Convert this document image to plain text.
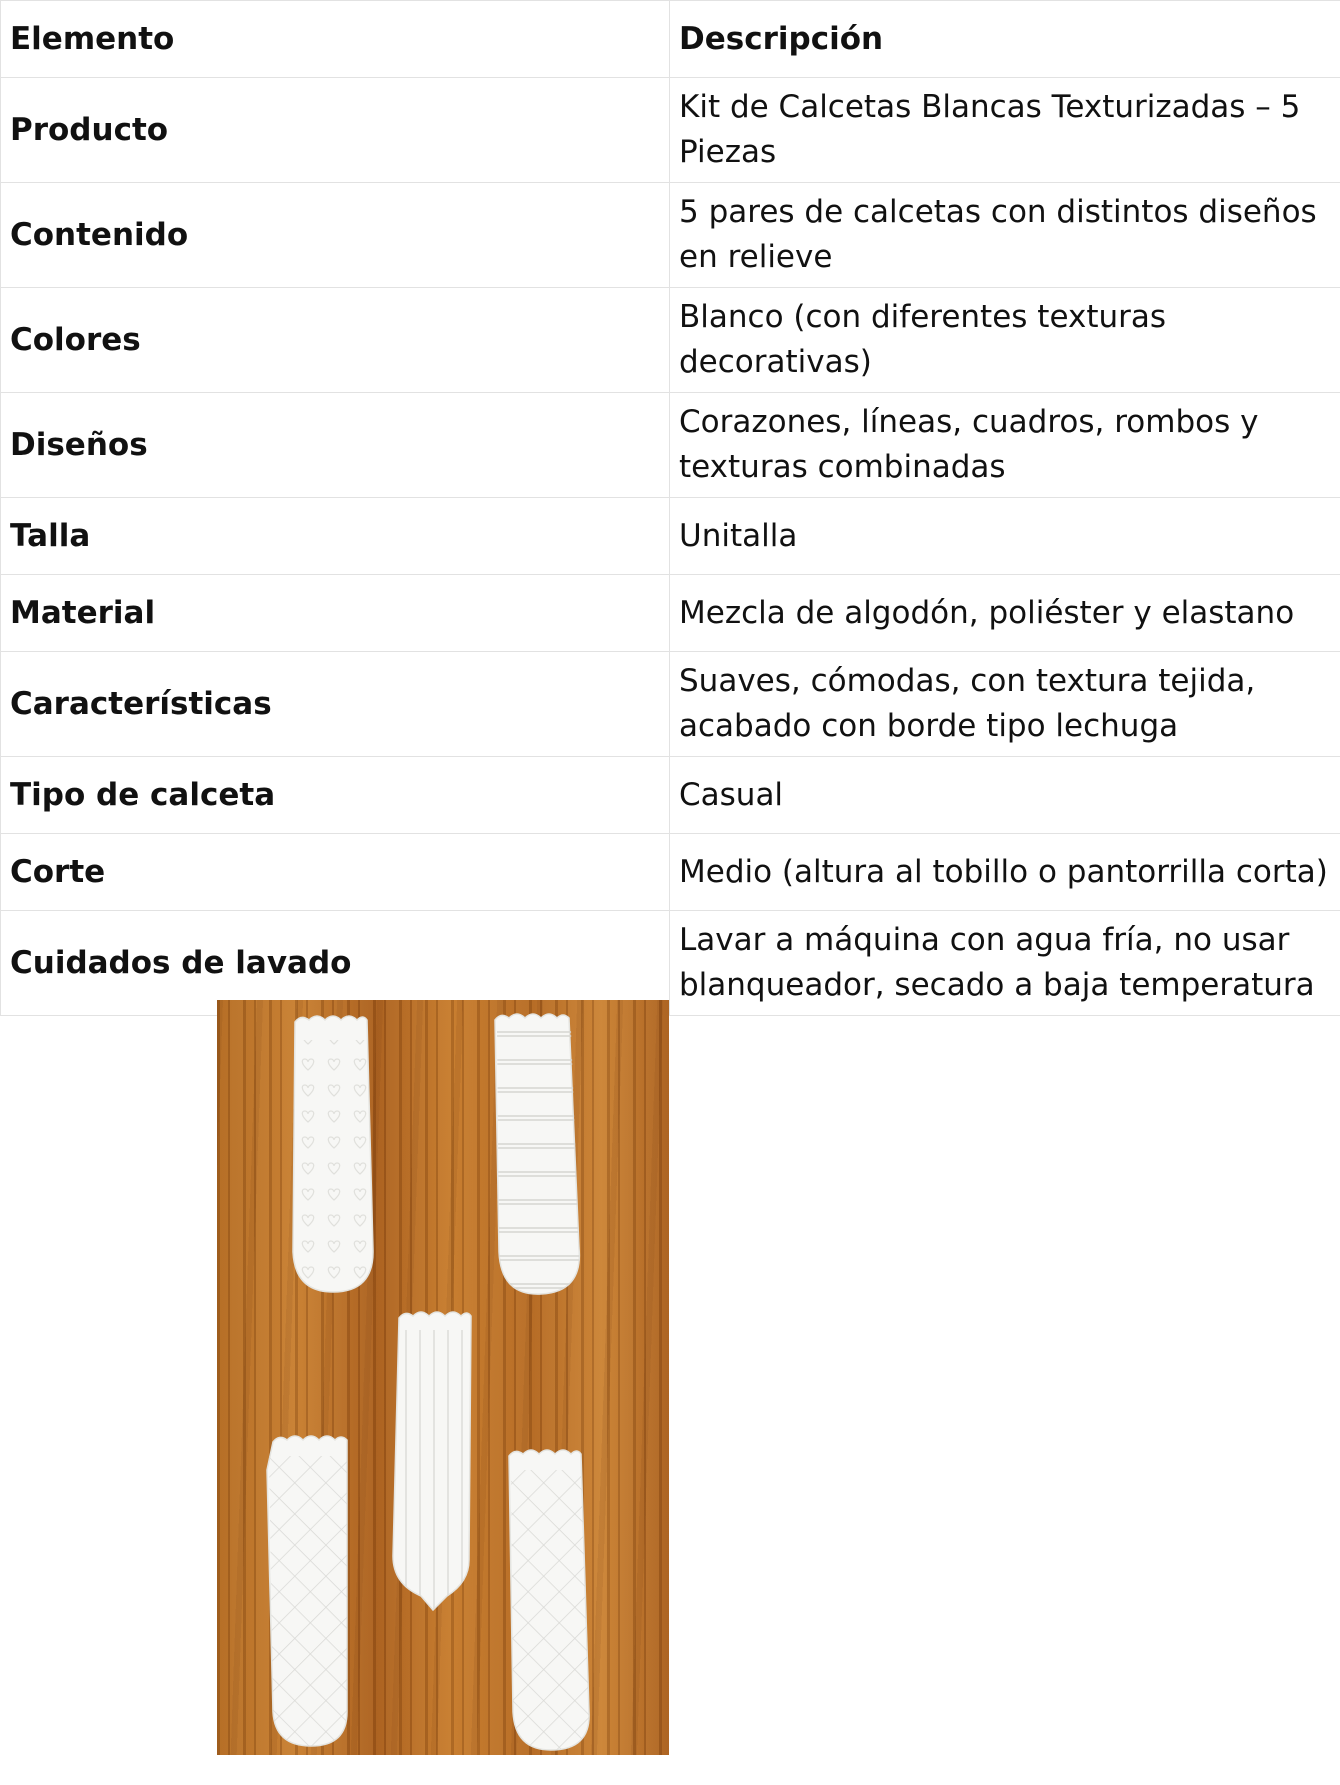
Elemento	Descripción
Producto	Kit de Calcetas Blancas Texturizadas – 5 Piezas
Contenido	5 pares de calcetas con distintos diseños en relieve
Colores	Blanco (con diferentes texturas decorativas)
Diseños	Corazones, líneas, cuadros, rombos y texturas combinadas
Talla	Unitalla
Material	Mezcla de algodón, poliéster y elastano
Características	Suaves, cómodas, con textura tejida, acabado con borde tipo lechuga
Tipo de calceta	Casual
Corte	Medio (altura al tobillo o pantorrilla corta)
Cuidados de lavado	Lavar a máquina con agua fría, no usar blanqueador, secado a baja temperatura
